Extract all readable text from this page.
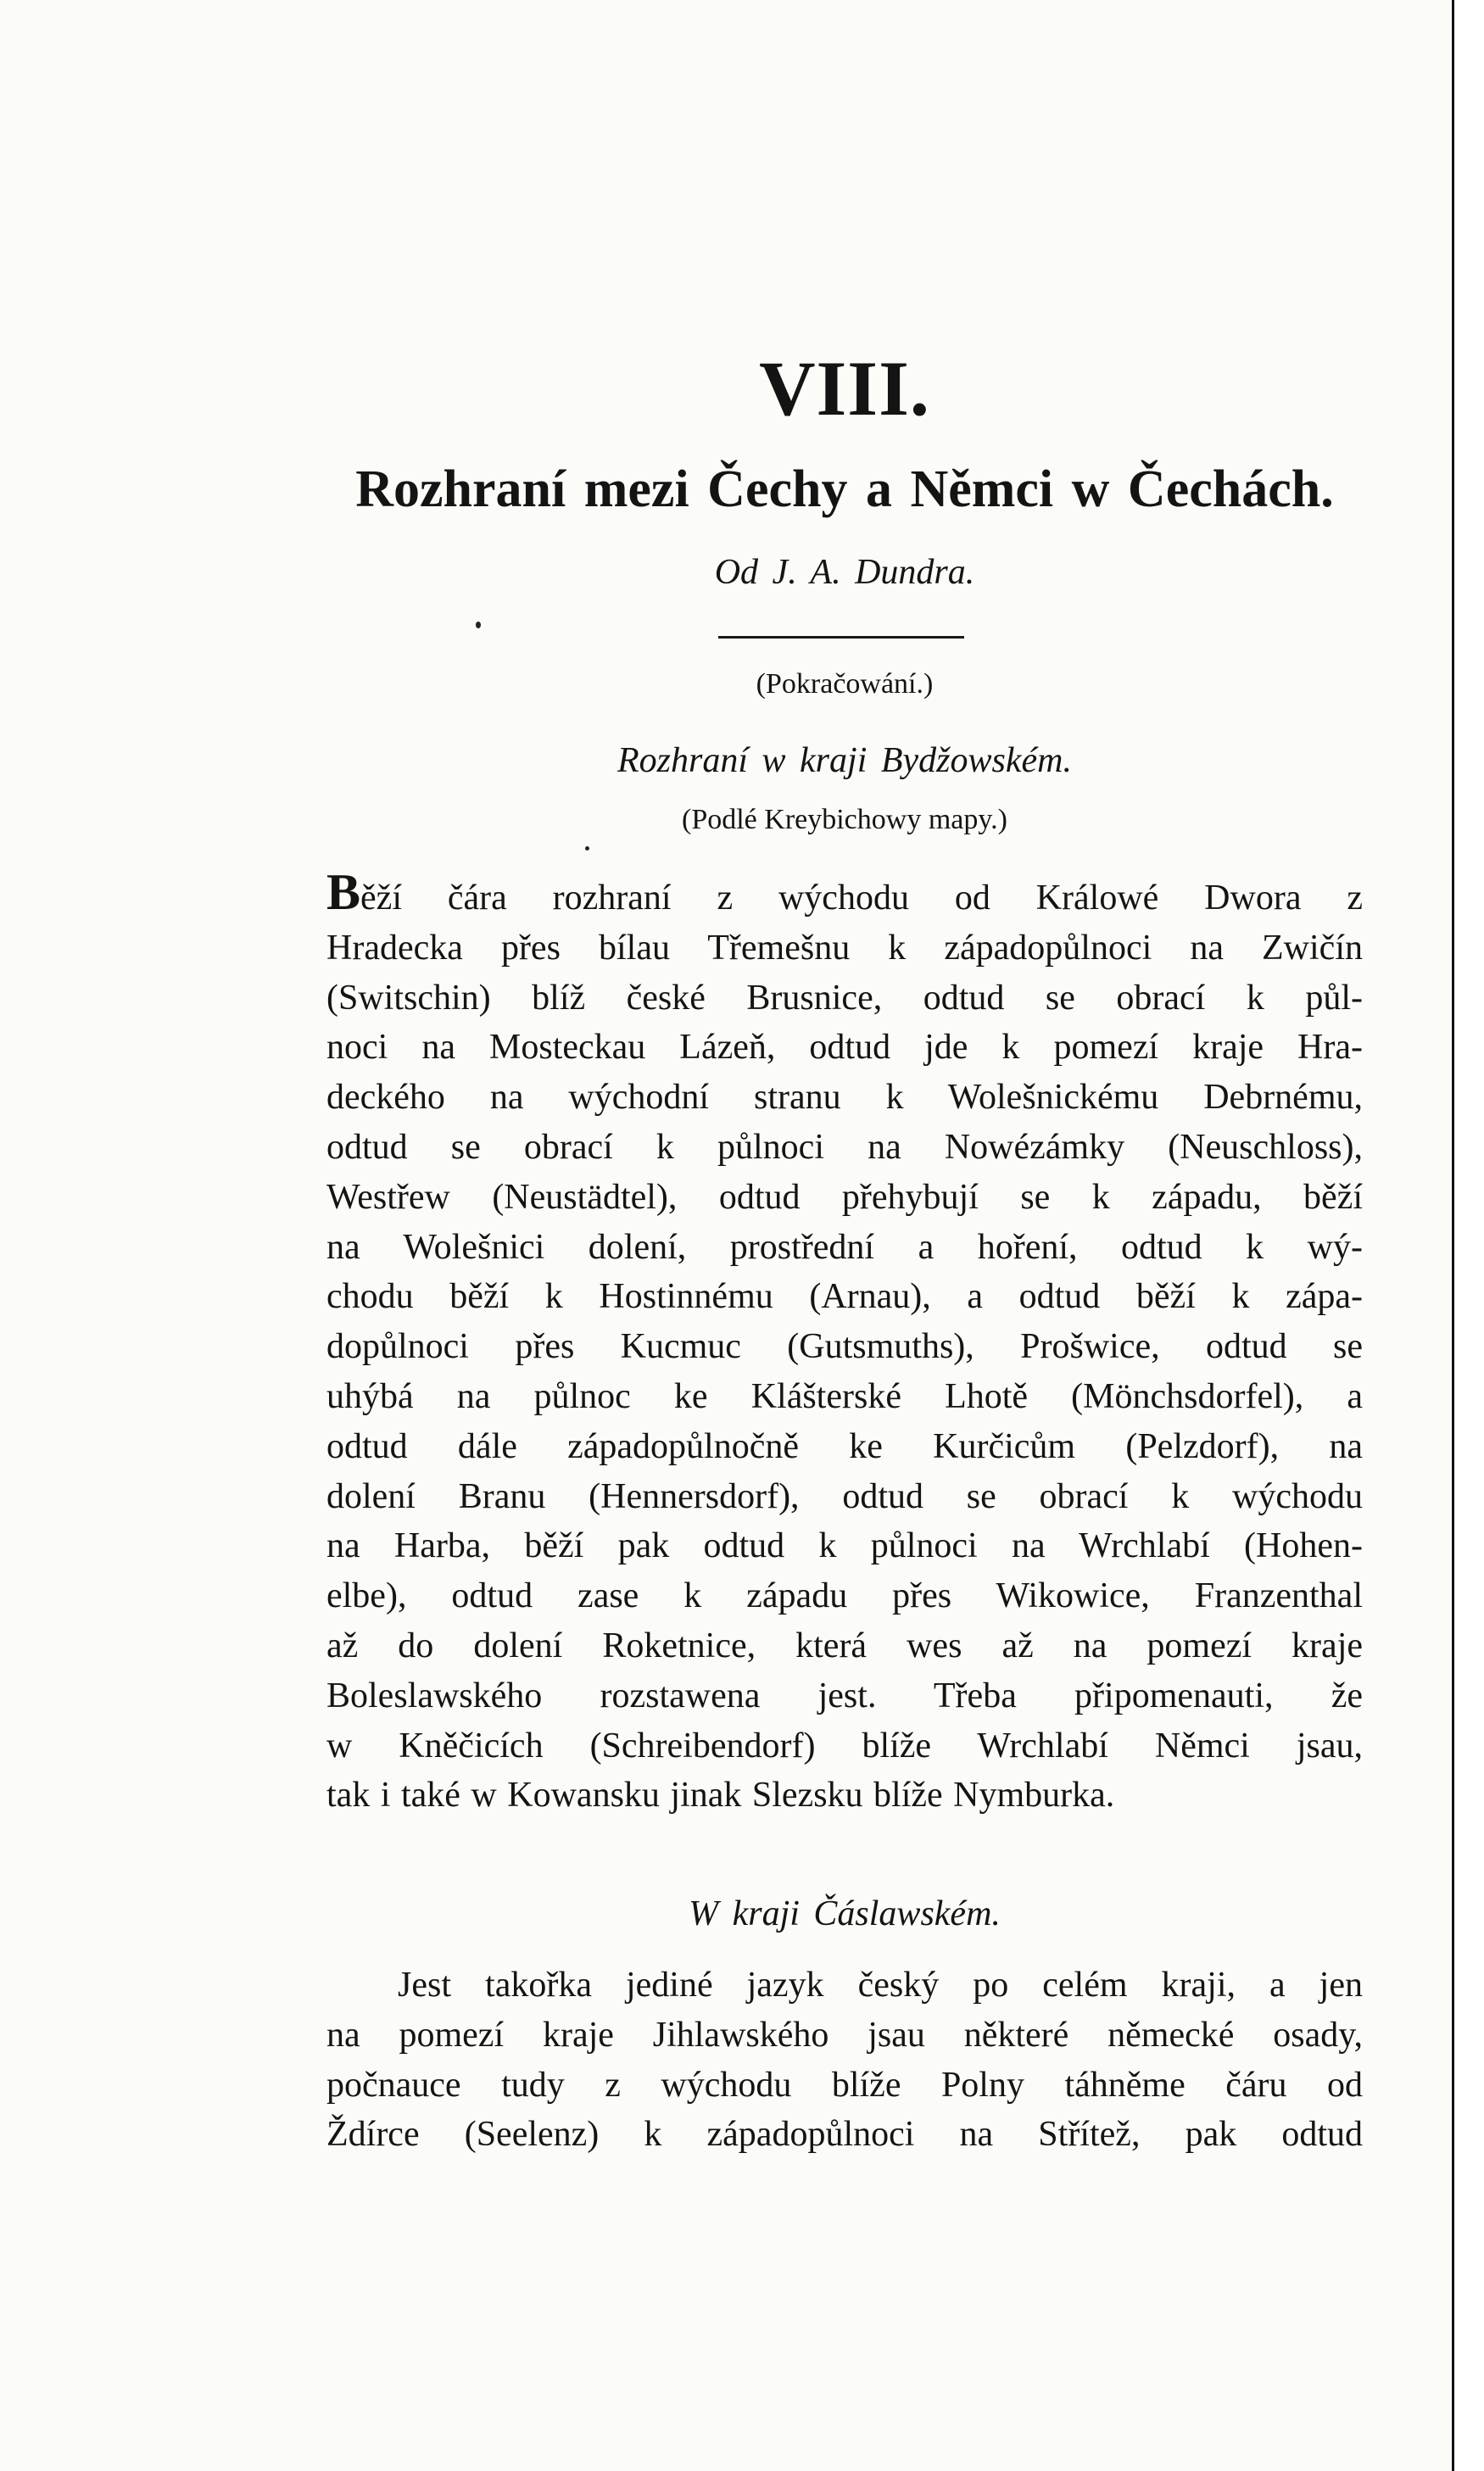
VIII.
Rozhraní mezi Čechy a Němci w Čechách.
Od J. A. Dundra.
(Pokračowání.)
Rozhraní w kraji Bydžowském.
(Podlé Kreybichowy mapy.)
Běží čára rozhraní z wýchodu od Králowé Dwora z
Hradecka přes bílau Třemešnu k západopůlnoci na Zwičín
(Switschin) blíž české Brusnice, odtud se obrací k půl-
noci na Mosteckau Lázeň, odtud jde k pomezí kraje Hra-
deckého na wýchodní stranu k Wolešnickému Debrnému,
odtud se obrací k půlnoci na Nowézámky (Neuschloss),
Westřew (Neustädtel), odtud přehybují se k západu, běží
na Wolešnici dolení, prostřední a hoření, odtud k wý-
chodu běží k Hostinnému (Arnau), a odtud běží k zápa-
dopůlnoci přes Kucmuc (Gutsmuths), Prošwice, odtud se
uhýbá na půlnoc ke Klášterské Lhotě (Mönchsdorfel), a
odtud dále západopůlnočně ke Kurčicům (Pelzdorf), na
dolení Branu (Hennersdorf), odtud se obrací k wýchodu
na Harba, běží pak odtud k půlnoci na Wrchlabí (Hohen-
elbe), odtud zase k západu přes Wikowice, Franzenthal
až do dolení Roketnice, která wes až na pomezí kraje
Boleslawského rozstawena jest. Třeba připomenauti, že
w Kněčicích (Schreibendorf) blíže Wrchlabí Němci jsau,
tak i také w Kowansku jinak Slezsku blíže Nymburka.
W kraji Čáslawském.
Jest takořka jediné jazyk český po celém kraji, a jen
na pomezí kraje Jihlawského jsau některé německé osady,
počnauce tudy z wýchodu blíže Polny táhněme čáru od
Ždírce (Seelenz) k západopůlnoci na Střítež, pak odtud
